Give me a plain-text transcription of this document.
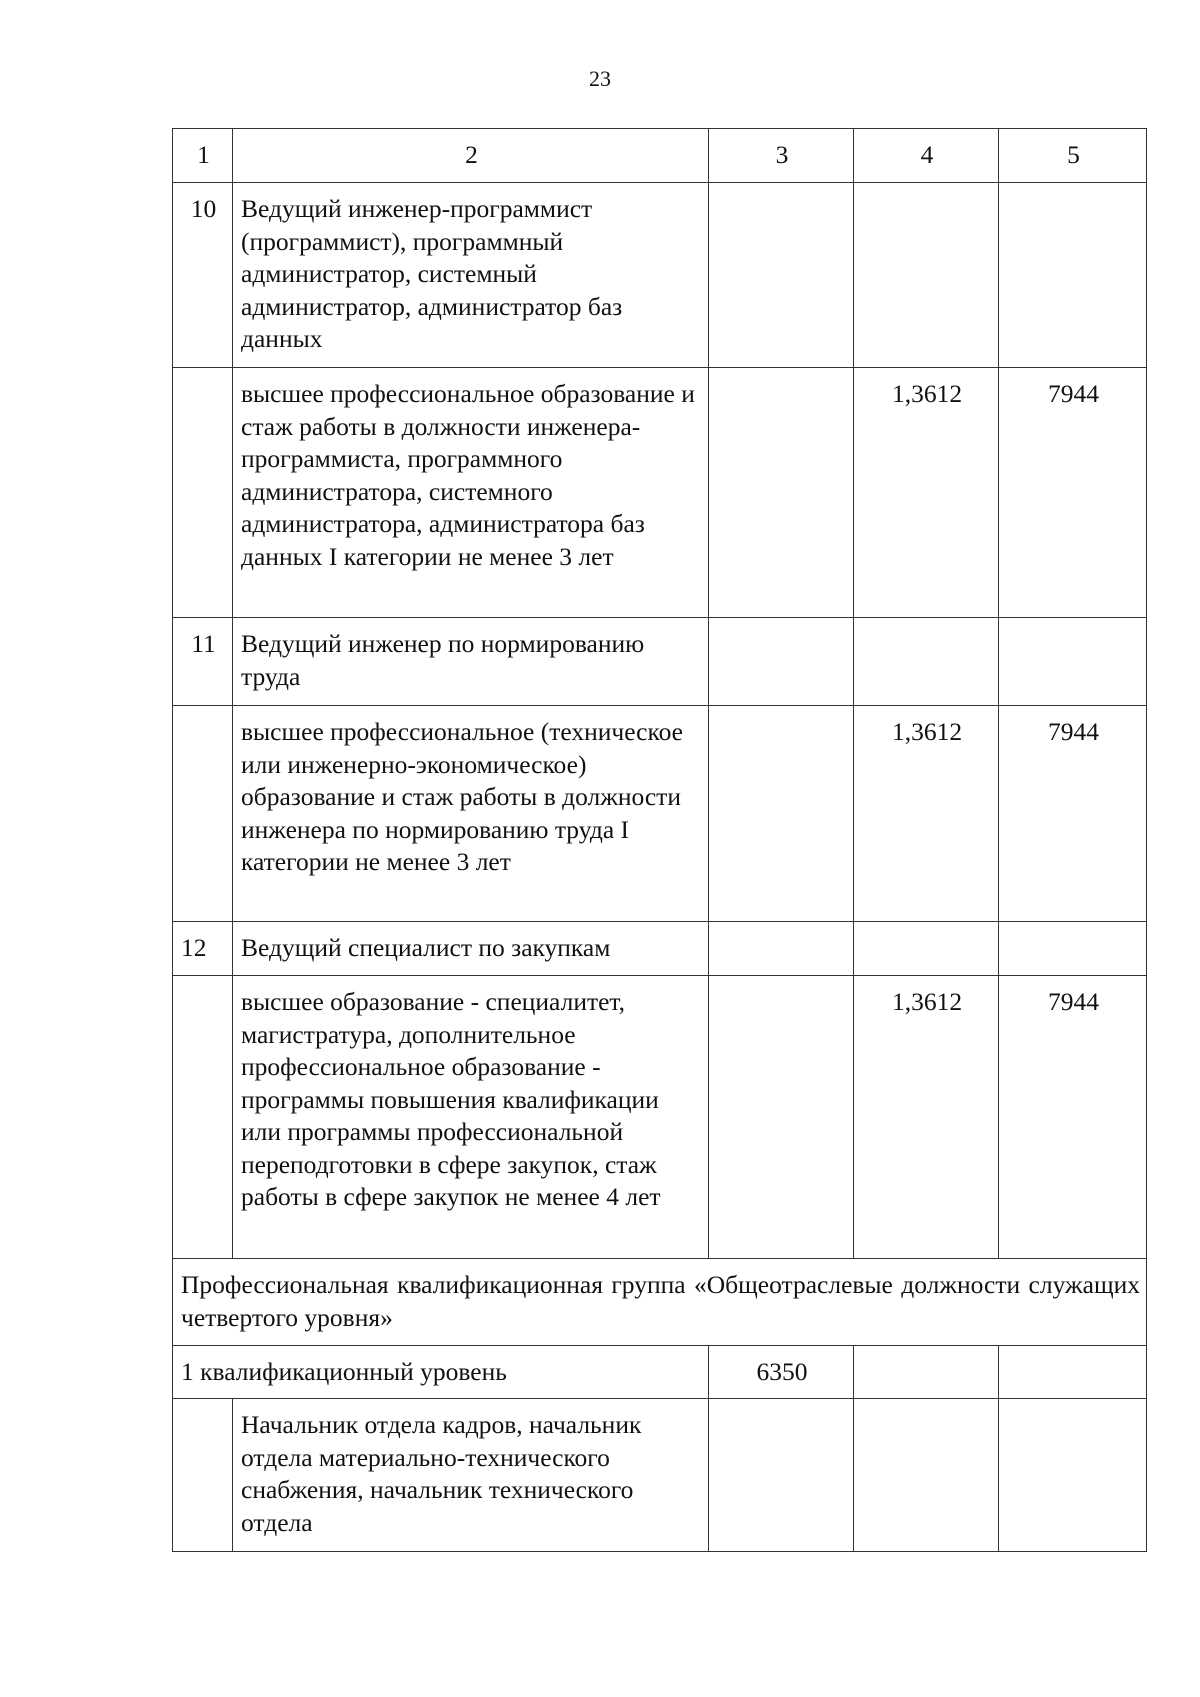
23
1	2	3	4	5
10	Ведущий инженер-программист (программист), программный администратор, системный администратор, администратор баз данных			
	высшее профессиональное образование и стаж работы в должности инженера-программиста, программного администратора, системного администратора, администратора баз данных I категории не менее 3 лет		1,3612	7944
11	Ведущий инженер по нормированию труда			
	высшее профессиональное (техническое или инженерно-экономическое) образование и стаж работы в должности инженера по нормированию труда I категории не менее 3 лет		1,3612	7944
12	Ведущий специалист по закупкам			
	высшее образование - специалитет, магистратура, дополнительное профессиональное образование - программы повышения квалификации или программы профессиональной переподготовки в сфере закупок, стаж работы в сфере закупок не менее 4 лет		1,3612	7944
Профессиональная квалификационная группа «Общеотраслевые должности служащих четвертого уровня»				
1 квалификационный уровень		6350		
	Начальник отдела кадров, начальник отдела материально-технического снабжения, начальник технического отдела			
